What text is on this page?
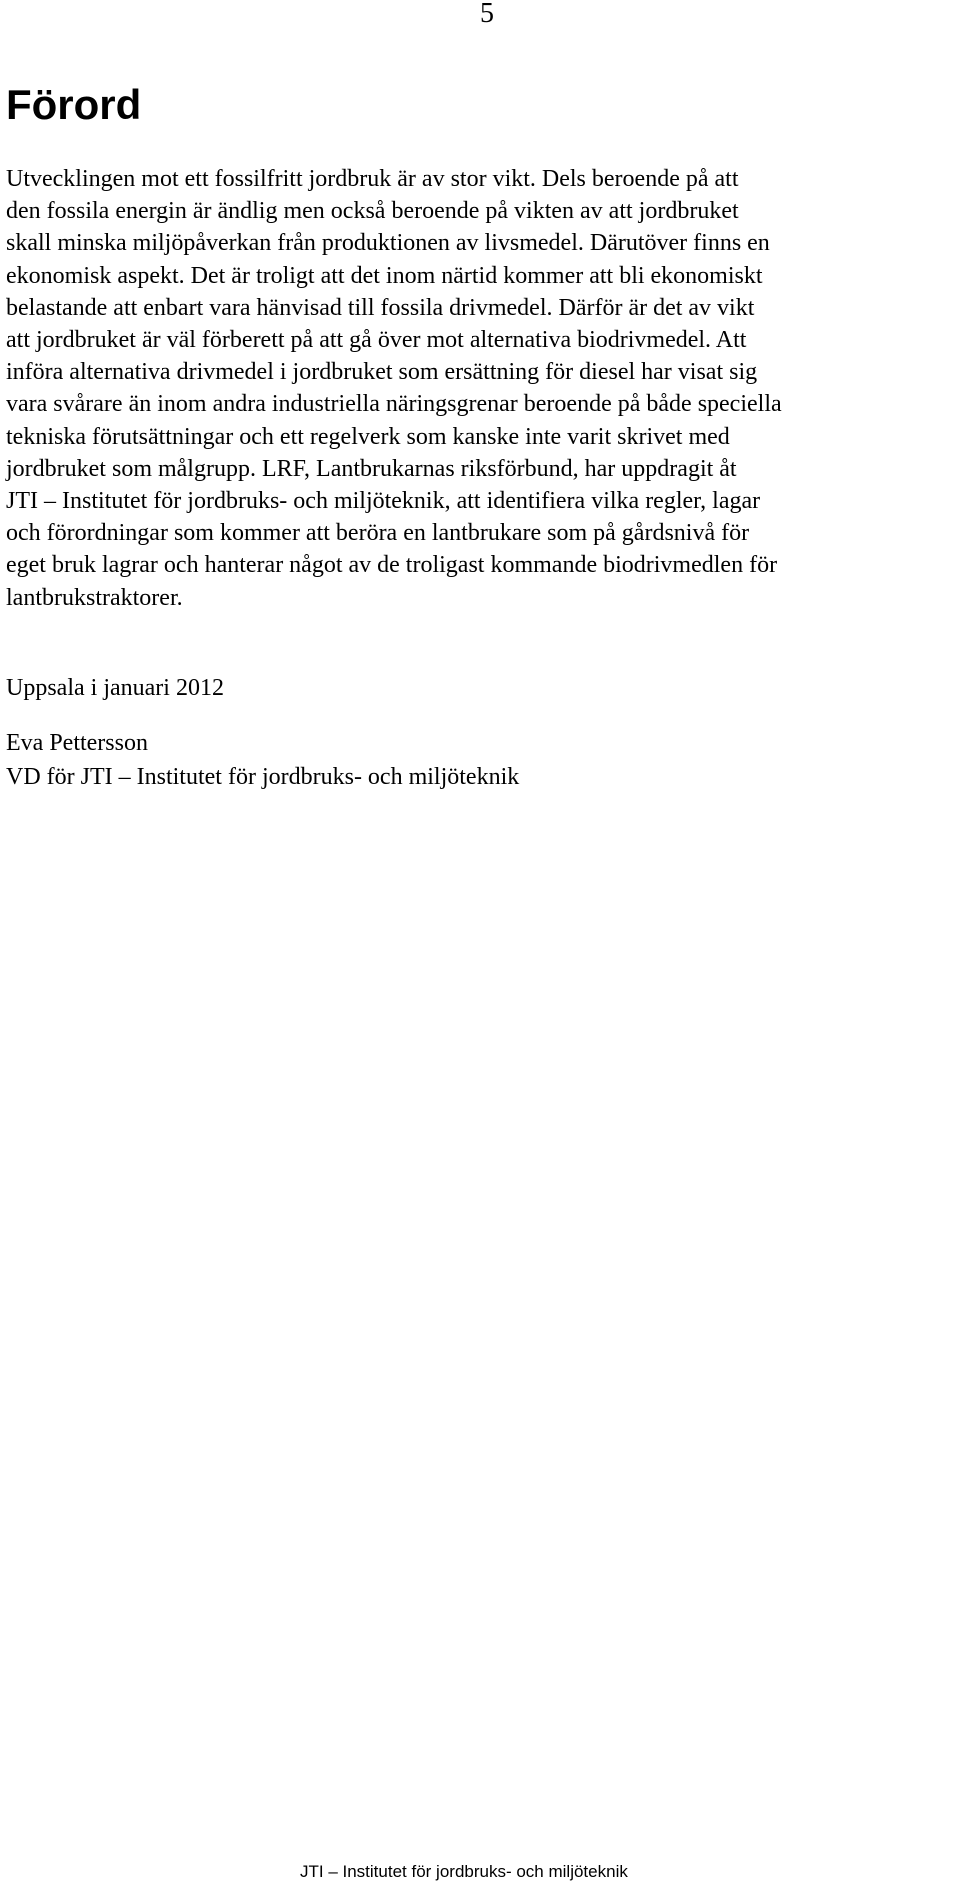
5
Förord

Utvecklingen mot ett fossilfritt jordbruk är av stor vikt. Dels beroende på att
den fossila energin är ändlig men också beroende på vikten av att jordbruket
skall minska miljöpåverkan från produktionen av livsmedel. Därutöver finns en
ekonomisk aspekt. Det är troligt att det inom närtid kommer att bli ekonomiskt
belastande att enbart vara hänvisad till fossila drivmedel. Därför är det av vikt
att jordbruket är väl förberett på att gå över mot alternativa biodrivmedel. Att
införa alternativa drivmedel i jordbruket som ersättning för diesel har visat sig
vara svårare än inom andra industriella näringsgrenar beroende på både speciella
tekniska förutsättningar och ett regelverk som kanske inte varit skrivet med
jordbruket som målgrupp. LRF, Lantbrukarnas riksförbund, har uppdragit åt
JTI – Institutet för jordbruks- och miljöteknik, att identifiera vilka regler, lagar
och förordningar som kommer att beröra en lantbrukare som på gårdsnivå för
eget bruk lagrar och hanterar något av de troligast kommande biodrivmedlen för
lantbrukstraktorer.

Uppsala i januari 2012

Eva Pettersson

VD för JTI – Institutet för jordbruks- och miljöteknik

JTI – Institutet för jordbruks- och miljöteknik
